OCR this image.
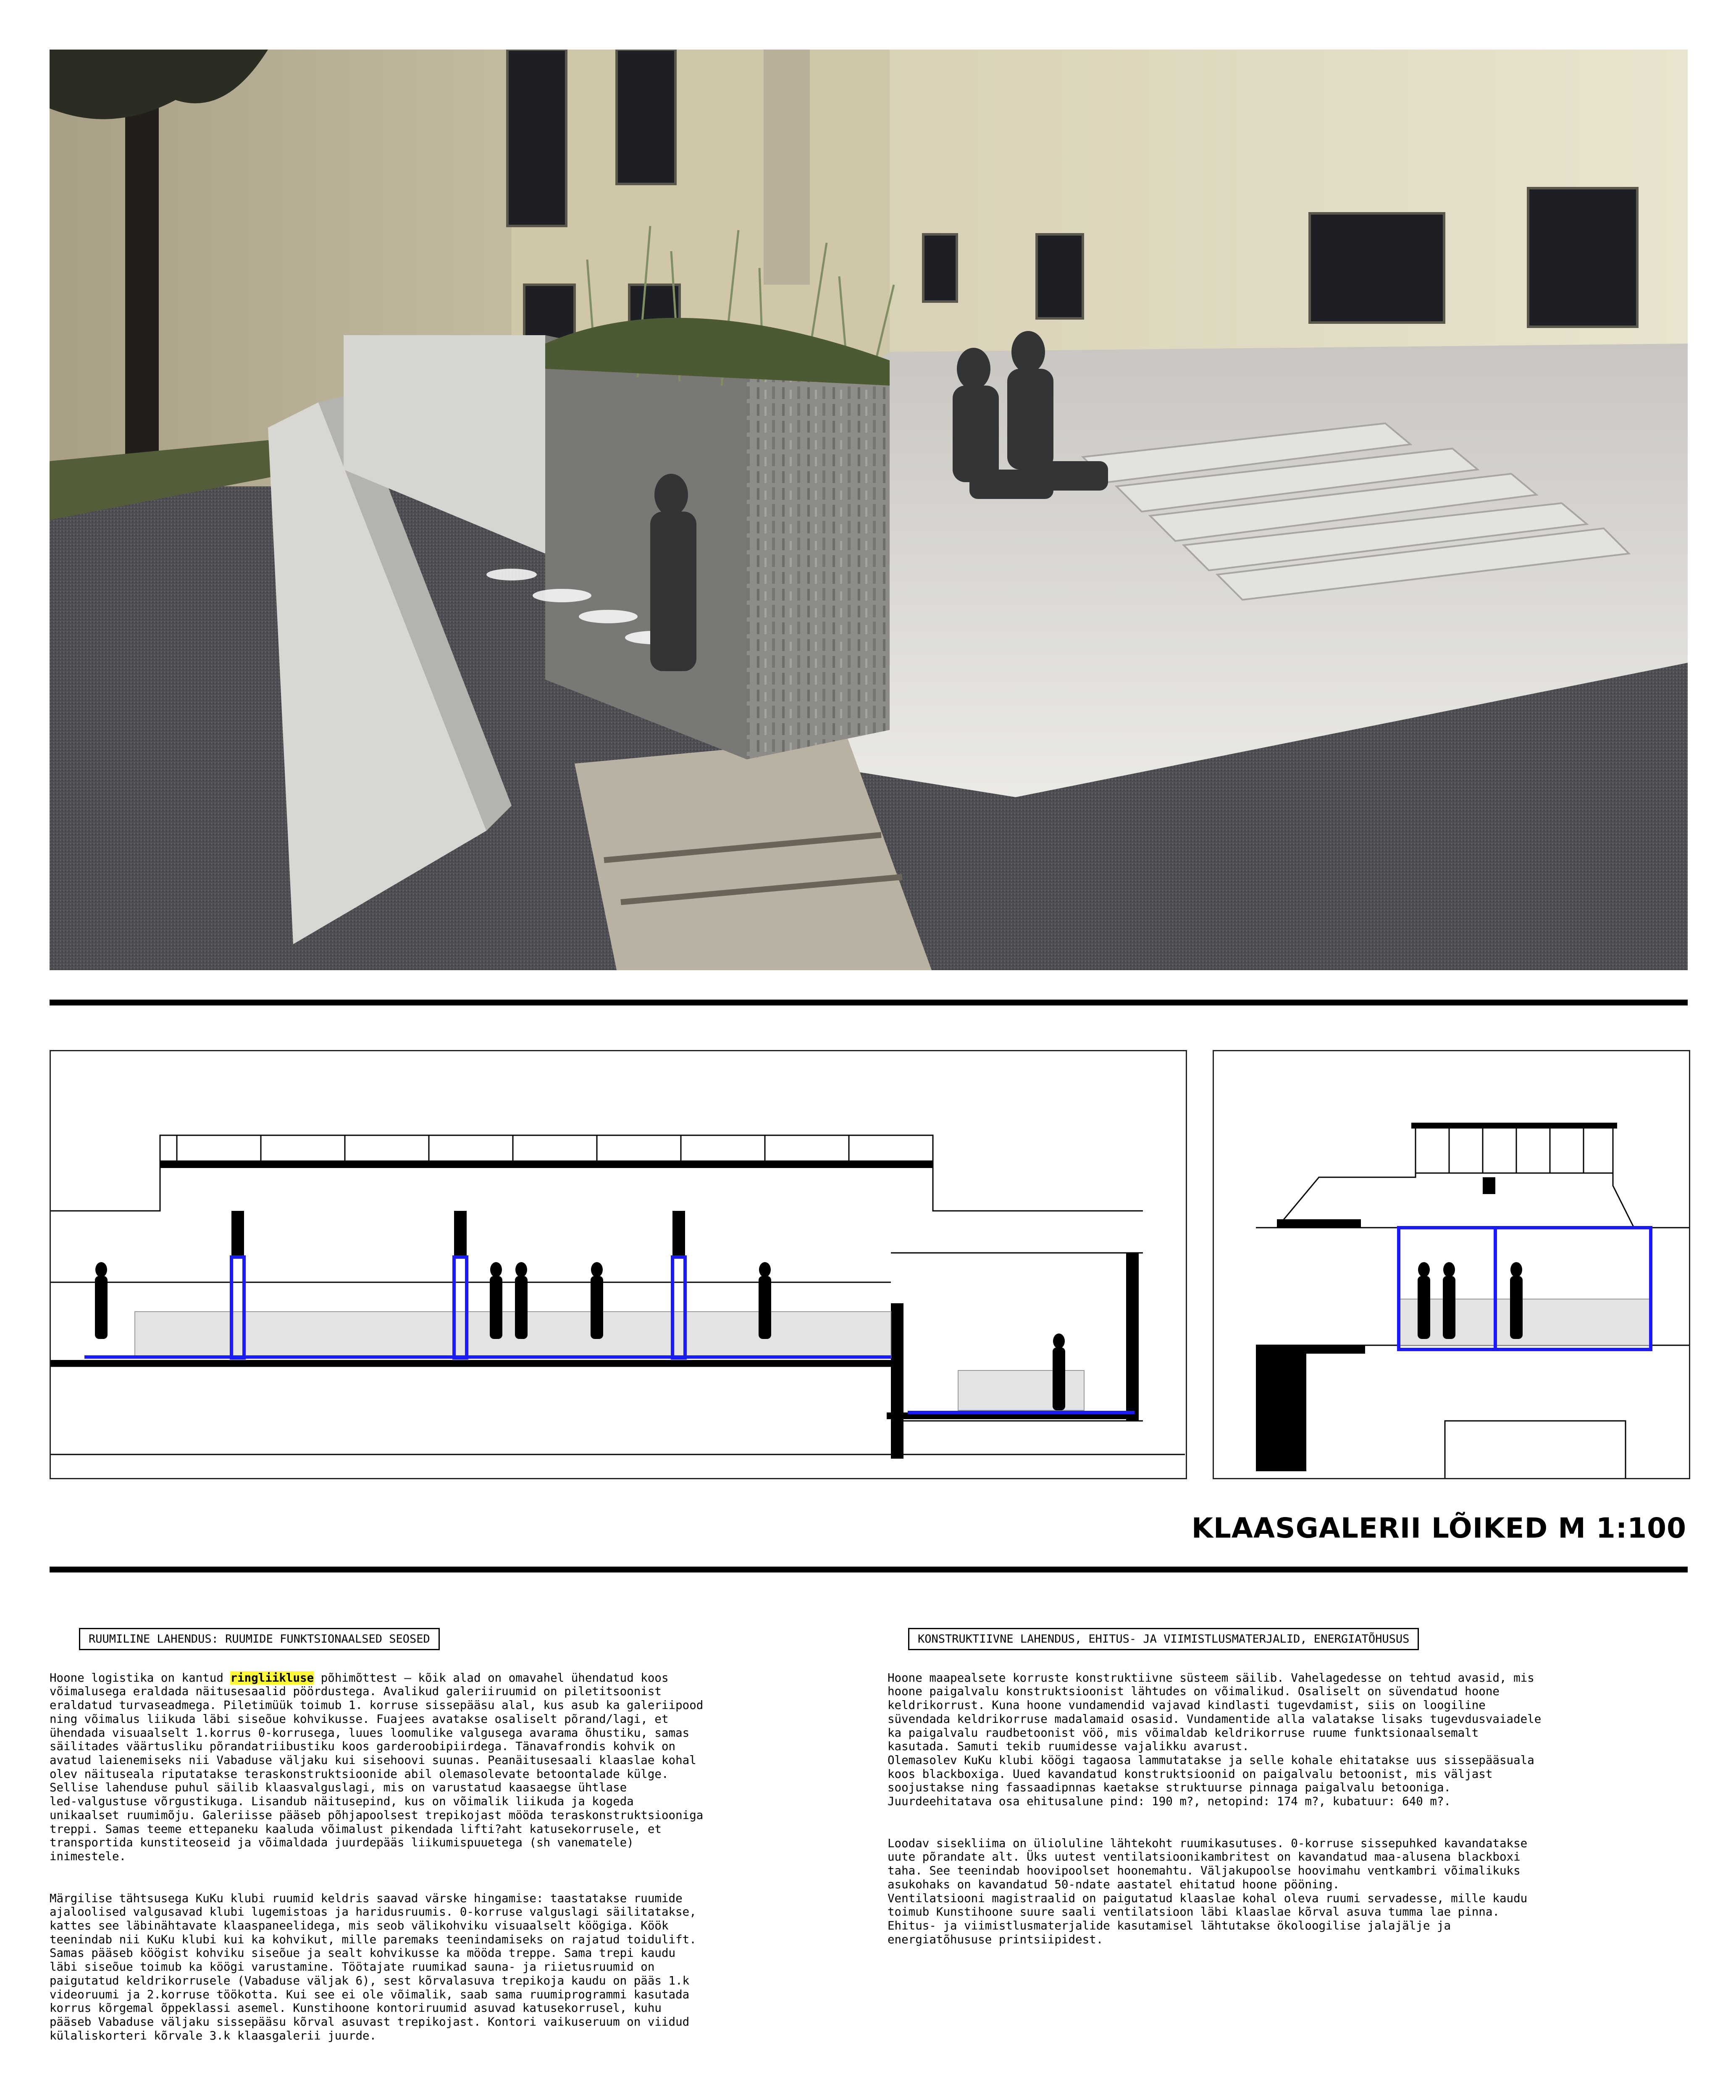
KLAASGALERII LÕIKED M 1:100
RUUMILINE LAHENDUS: RUUMIDE FUNKTSIONAALSED SEOSED

Hoone logistika on kantud ringliikluse põhimõttest – kõik alad on omavahel ühendatud koos
võimalusega eraldada näitusesaalid pöördustega. Avalikud galeriiruumid on piletitsoonist
eraldatud turvaseadmega. Piletimüük toimub 1. korruse sissepääsu alal, kus asub ka galeriipood
ning võimalus liikuda läbi siseõue kohvikusse. Fuajees avatakse osaliselt põrand/lagi, et
ühendada visuaalselt 1.korrus 0-korrusega, luues loomulike valgusega avarama õhustiku, samas
säilitades väärtusliku põrandatriibustiku koos garderoobipiirdega. Tänavafrondis kohvik on
avatud laienemiseks nii Vabaduse väljaku kui sisehoovi suunas. Peanäitusesaali klaaslae kohal
olev näituseala riputatakse teraskonstruktsioonide abil olemasolevate betoontalade külge.
Sellise lahenduse puhul säilib klaasvalguslagi, mis on varustatud kaasaegse ühtlase
led-valgustuse võrgustikuga. Lisandub näitusepind, kus on võimalik liikuda ja kogeda
unikaalset ruumimõju. Galeriisse pääseb põhjapoolsest trepikojast mööda teraskonstruktsiooniga
treppi. Samas teeme ettepaneku kaaluda võimalust pikendada lifti?aht katusekorrusele, et
transportida kunstiteoseid ja võimaldada juurdepääs liikumispuuetega (sh vanematele)
inimestele.

Märgilise tähtsusega KuKu klubi ruumid keldris saavad värske hingamise: taastatakse ruumide
ajaloolised valgusavad klubi lugemistoas ja haridusruumis. 0-korruse valguslagi säilitatakse,
kattes see läbinähtavate klaaspaneelidega, mis seob välikohviku visuaalselt köögiga. Köök
teenindab nii KuKu klubi kui ka kohvikut, mille paremaks teenindamiseks on rajatud toidulift.
Samas pääseb köögist kohviku siseõue ja sealt kohvikusse ka mööda treppe. Sama trepi kaudu
läbi siseõue toimub ka köögi varustamine. Töötajate ruumikad sauna- ja riietusruumid on
paigutatud keldrikorrusele (Vabaduse väljak 6), sest kõrvalasuva trepikoja kaudu on pääs 1.k
videoruumi ja 2.korruse töökotta. Kui see ei ole võimalik, saab sama ruumiprogrammi kasutada
korrus kõrgemal õppeklassi asemel. Kunstihoone kontoriruumid asuvad katusekorrusel, kuhu
pääseb Vabaduse väljaku sissepääsu kõrval asuvast trepikojast. Kontori vaikuseruum on viidud
külaliskorteri kõrvale 3.k klaasgalerii juurde.

KONSTRUKTIIVNE LAHENDUS, EHITUS- JA VIIMISTLUSMATERJALID, ENERGIATÕHUSUS

Hoone maapealsete korruste konstruktiivne süsteem säilib. Vahelagedesse on tehtud avasid, mis
hoone paigalvalu konstruktsioonist lähtudes on võimalikud. Osaliselt on süvendatud hoone
keldrikorrust. Kuna hoone vundamendid vajavad kindlasti tugevdamist, siis on loogiline
süvendada keldrikorruse madalamaid osasid. Vundamentide alla valatakse lisaks tugevdusvaiadele
ka paigalvalu raudbetoonist vöö, mis võimaldab keldrikorruse ruume funktsionaalsemalt
kasutada. Samuti tekib ruumidesse vajalikku avarust.
Olemasolev KuKu klubi köögi tagaosa lammutatakse ja selle kohale ehitatakse uus sissepääsuala
koos blackboxiga. Uued kavandatud konstruktsioonid on paigalvalu betoonist, mis väljast
soojustakse ning fassaadipnnas kaetakse struktuurse pinnaga paigalvalu betooniga.
Juurdeehitatava osa ehitusalune pind: 190 m?, netopind: 174 m?, kubatuur: 640 m?.

Loodav sisekliima on ülioluline lähtekoht ruumikasutuses. 0-korruse sissepuhked kavandatakse
uute põrandate alt. Üks uutest ventilatsioonikambritest on kavandatud maa-alusena blackboxi
taha. See teenindab hoovipoolset hoonemahtu. Väljakupoolse hoovimahu ventkambri võimalikuks
asukohaks on kavandatud 50-ndate aastatel ehitatud hoone pööning.
Ventilatsiooni magistraalid on paigutatud klaaslae kohal oleva ruumi servadesse, mille kaudu
toimub Kunstihoone suure saali ventilatsioon läbi klaaslae kõrval asuva tumma lae pinna.
Ehitus- ja viimistlusmaterjalide kasutamisel lähtutakse ökoloogilise jalajälje ja
energiatõhususe printsiipidest.
